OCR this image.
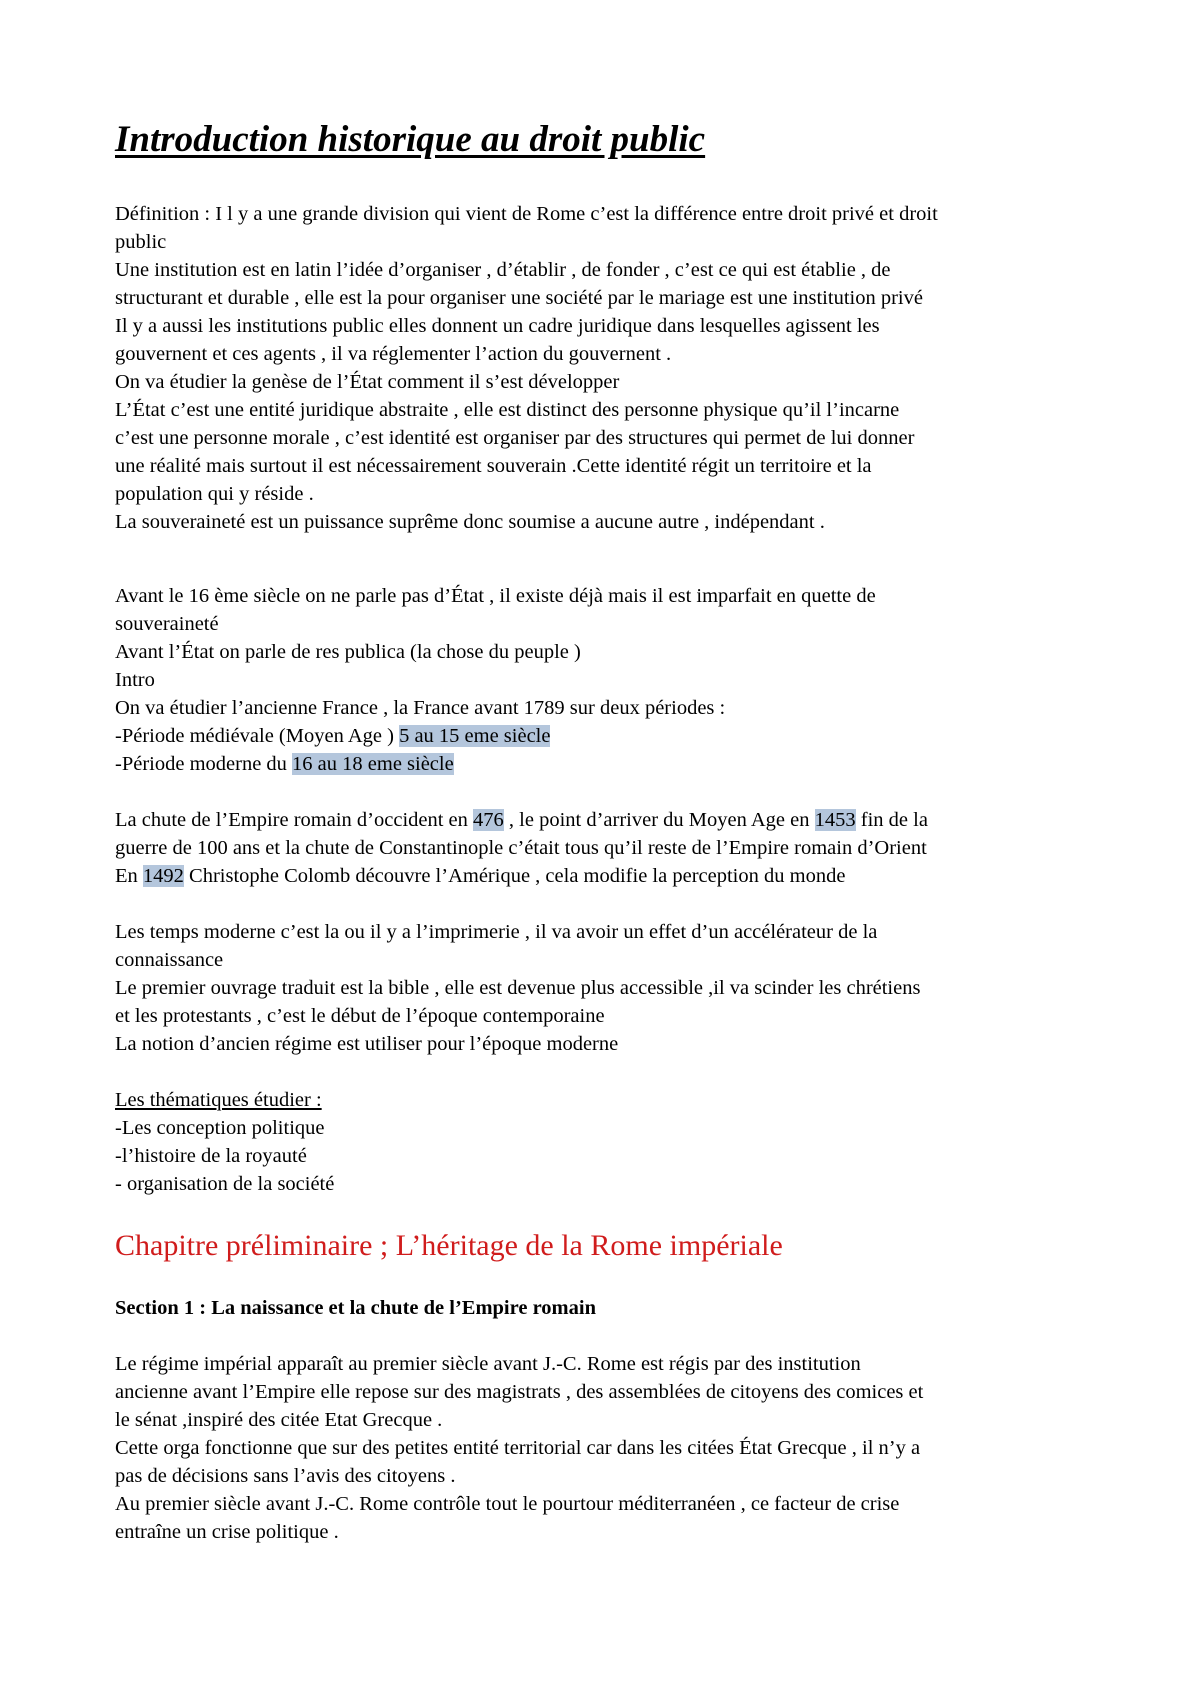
Introduction historique au droit public
Définition : I l y a une grande division qui vient de Rome c’est la différence entre droit privé et droit
public
Une institution est en latin l’idée d’organiser , d’établir , de fonder , c’est ce qui est établie , de
structurant et durable , elle est la pour organiser une société par le mariage est une institution privé
Il y a aussi les institutions public elles donnent un cadre juridique dans lesquelles agissent les
gouvernent et ces agents , il va réglementer l’action du gouvernent .
On va étudier la genèse de l’État comment il s’est développer
L’État c’est une entité juridique abstraite , elle est distinct des personne physique qu’il l’incarne
c’est une personne morale , c’est identité est organiser par des structures qui permet de lui donner
une réalité mais surtout il est nécessairement souverain .Cette identité régit un territoire et la
population qui y réside .
La souveraineté est un puissance suprême donc soumise a aucune autre , indépendant .
Avant le 16 ème siècle on ne parle pas d’État , il existe déjà mais il est imparfait en quette de
souveraineté
Avant l’État on parle de res publica (la chose du peuple )
Intro
On va étudier l’ancienne France , la France avant 1789 sur deux périodes :
-Période médiévale (Moyen Age ) 5 au 15 eme siècle
-Période moderne du 16 au 18 eme siècle
La chute de l’Empire romain d’occident en 476 , le point d’arriver du Moyen Age en 1453 fin de la
guerre de 100 ans et la chute de Constantinople c’était tous qu’il reste de l’Empire romain d’Orient
En 1492 Christophe Colomb découvre l’Amérique , cela modifie la perception du monde
Les temps moderne c’est la ou il y a l’imprimerie , il va avoir un effet d’un accélérateur de la
connaissance
Le premier ouvrage traduit est la bible , elle est devenue plus accessible ,il va scinder les chrétiens
et les protestants , c’est le début de l’époque contemporaine
La notion d’ancien régime est utiliser pour l’époque moderne
Les thématiques étudier :
-Les conception politique
-l’histoire de la royauté
- organisation de la société
Chapitre préliminaire ; L’héritage de la Rome impériale
Section 1 : La naissance et la chute de l’Empire romain
Le régime impérial apparaît au premier siècle avant J.-C. Rome est régis par des institution
ancienne avant l’Empire elle repose sur des magistrats , des assemblées de citoyens des comices et
le sénat ,inspiré des citée Etat Grecque .
Cette orga fonctionne que sur des petites entité territorial car dans les citées État Grecque , il n’y a
pas de décisions sans l’avis des citoyens .
Au premier siècle avant J.-C. Rome contrôle tout le pourtour méditerranéen , ce facteur de crise
entraîne un crise politique .
